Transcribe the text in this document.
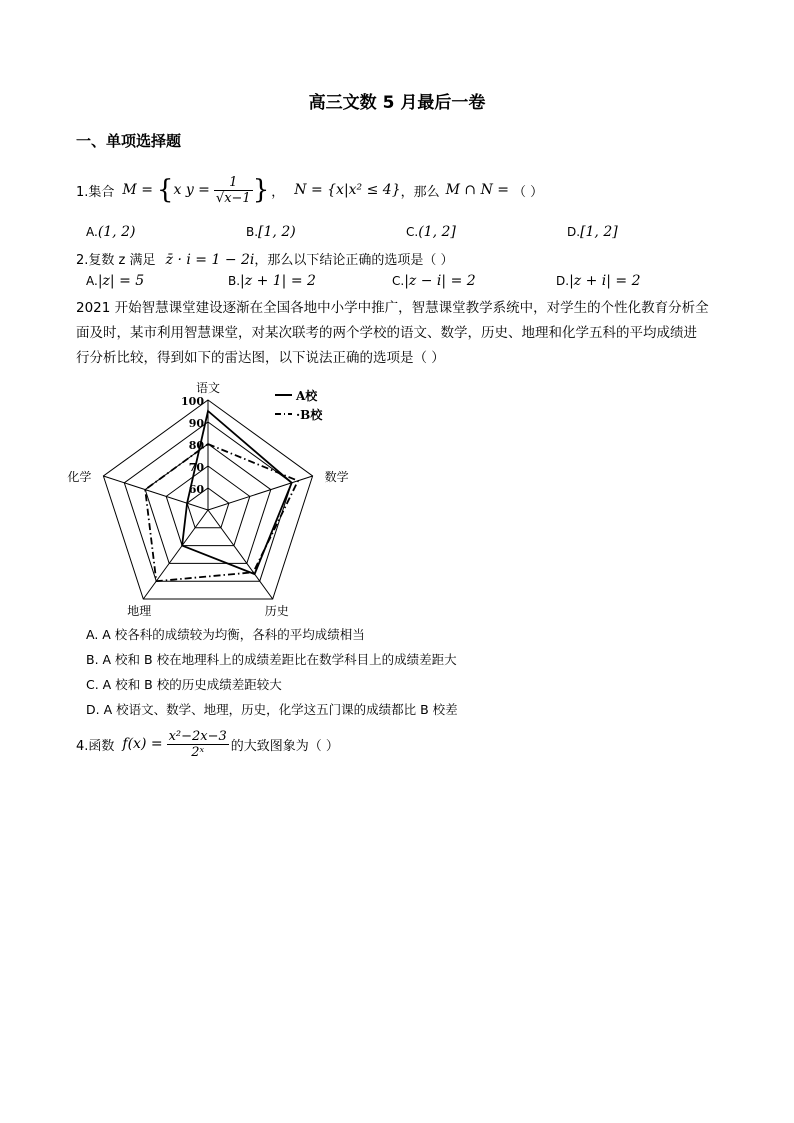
高三文数 5 月最后一卷
一、单项选择题
1.集合 M = { x $y = \frac{1}{√x-1}$ } ， N = {x|x² ≤ 4} ，那么 M ∩ N = （ ）
A.(1, 2)	B.[1, 2)	C.(1, 2]	D.[1, 2]
2.复数 z 满足 z̄ · i = 1 − 2i，那么以下结论正确的选项是（ ）
A.|z| = 5	B.|z + 1| = 2	C.|z − i| = 2	D.|z + i| = 2
2021 开始智慧课堂建设逐渐在全国各地中小学中推广，智慧课堂教学系统中，对学生的个性化教育分析全
面及时，某市利用智慧课堂，对某次联考的两个学校的语文、数学，历史、地理和化学五科的平均成绩进
行分析比较，得到如下的雷达图，以下说法正确的选项是（ ）
60
70
80
90
100
语文
数学
历史
地理
化学
A校
·B校
A. A 校各科的成绩较为均衡，各科的平均成绩相当
B. A 校和 B 校在地理科上的成绩差距比在数学科目上的成绩差距大
C. A 校和 B 校的历史成绩差距较大
D. A 校语文、数学、地理，历史，化学这五门课的成绩都比 B 校差
4.函数 $f(x) = \frac{\text{x²−2x−3}}{\text{2ˣ}}$ 的大致图象为（ ）
